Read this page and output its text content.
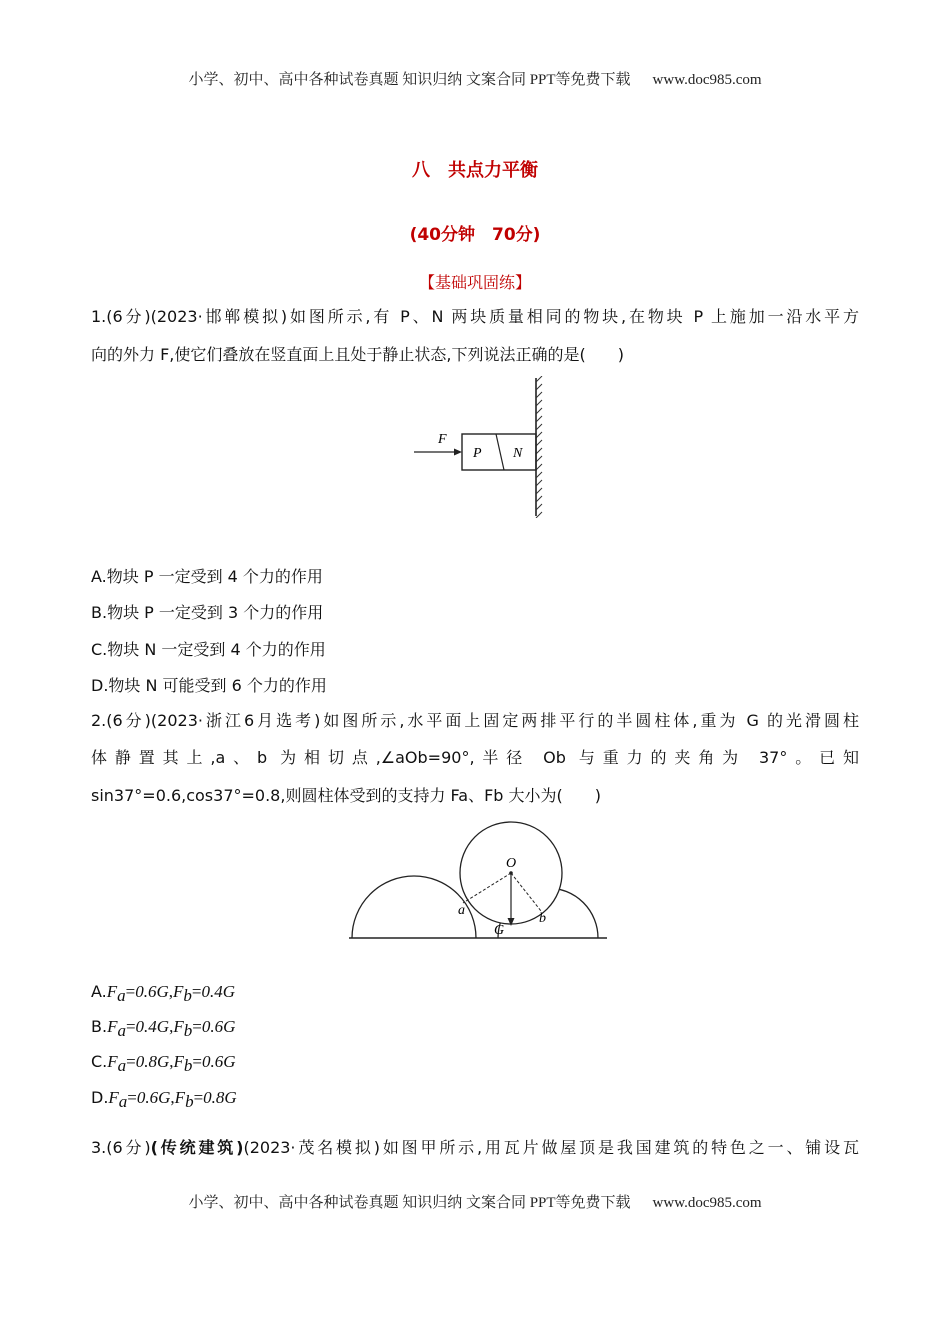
小学、初中、高中各种试卷真题 知识归纳 文案合同 PPT等免费下载 www.doc985.com
八　共点力平衡
(40分钟　70分)
【基础巩固练】
1.(6分)(2023·邯郸模拟)如图所示,有 P、N 两块质量相同的物块,在物块 P 上施加一沿水平方
向的外力 F,使它们叠放在竖直面上且处于静止状态,下列说法正确的是(　　)
F
P N
A.物块 P 一定受到 4 个力的作用
B.物块 P 一定受到 3 个力的作用
C.物块 N 一定受到 4 个力的作用
D.物块 N 可能受到 6 个力的作用
2.(6分)(2023·浙江6月选考)如图所示,水平面上固定两排平行的半圆柱体,重为 G 的光滑圆柱
体静置其上,a、b 为相切点,∠aOb=90°,半径 Ob 与重力的夹角为 37°。已知
sin37°=0.6,cos37°=0.8,则圆柱体受到的支持力 Fa、Fb 大小为(　　)
O
a
b
G
$A.F_a=0.6G,F_b=0.4G$
$B.F_a=0.4G,F_b=0.6G$
$C.F_a=0.8G,F_b=0.6G$
$D.F_a=0.6G,F_b=0.8G$
3.(6分)(传统建筑)(2023·茂名模拟)如图甲所示,用瓦片做屋顶是我国建筑的特色之一、铺设瓦
小学、初中、高中各种试卷真题 知识归纳 文案合同 PPT等免费下载 www.doc985.com
